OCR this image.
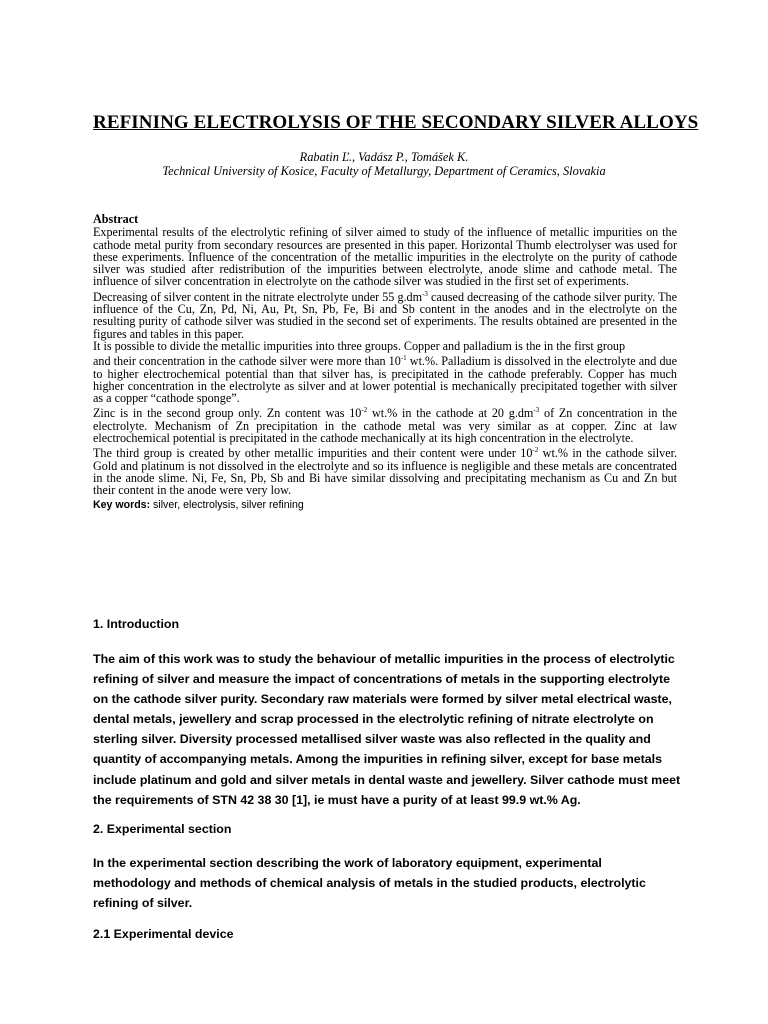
REFINING ELECTROLYSIS OF THE SECONDARY SILVER ALLOYS
Rabatin Ľ., Vadász P., Tomášek K.
Technical University of Kosice, Faculty of Metallurgy, Department of Ceramics, Slovakia
Abstract

Experimental results of the electrolytic refining of silver aimed to study of the influence of metallic impurities on the cathode metal purity from secondary resources are presented in this paper. Horizontal Thumb electrolyser was used for these experiments. Influence of the concentration of the metallic impurities in the electrolyte on the purity of cathode silver was studied after redistribution of the impurities between electrolyte, anode slime and cathode metal. The influence of silver concentration in electrolyte on the cathode silver was studied in the first set of experiments.

Decreasing of silver content in the nitrate electrolyte under 55 $g.dm^{-3}$ caused decreasing of the cathode silver purity. The influence of the Cu, Zn, Pd, Ni, Au, Pt, Sn, Pb, Fe, Bi and Sb content in the anodes and in the electrolyte on the resulting purity of cathode silver was studied in the second set of experiments. The results obtained are presented in the figures and tables in this paper.

It is possible to divide the metallic impurities into three groups. Copper and palladium is the in the first group

and their concentration in the cathode silver were more than $10^{-1}$ wt.%. Palladium is dissolved in the electrolyte and due to higher electrochemical potential than that silver has, is precipitated in the cathode preferably. Copper has much higher concentration in the electrolyte as silver and at lower potential is mechanically precipitated together with silver as a copper “cathode sponge”.

Zinc is in the second group only. Zn content was $10^{-2}$ wt.% in the cathode at 20 $g.dm^{-3}$ of Zn concentration in the electrolyte. Mechanism of Zn precipitation in the cathode metal was very similar as at copper. Zinc at law electrochemical potential is precipitated in the cathode mechanically at its high concentration in the electrolyte.

The third group is created by other metallic impurities and their content were under $10^{-2}$ wt.% in the cathode silver. Gold and platinum is not dissolved in the electrolyte and so its influence is negligible and these metals are concentrated in the anode slime. Ni, Fe, Sn, Pb, Sb and Bi have similar dissolving and precipitating mechanism as Cu and Zn but their content in the anode were very low.

Key words: silver, electrolysis, silver refining
1. Introduction

The aim of this work was to study the behaviour of metallic impurities in the process of electrolytic refining of silver and measure the impact of concentrations of metals in the supporting electrolyte on the cathode silver purity. Secondary raw materials were formed by silver metal electrical waste, dental metals, jewellery and scrap processed in the electrolytic refining of nitrate electrolyte on sterling silver. Diversity processed metallised silver waste was also reflected in the quality and quantity of accompanying metals. Among the impurities in refining silver, except for base metals include platinum and gold and silver metals in dental waste and jewellery. Silver cathode must meet the requirements of STN 42 38 30 [1], ie must have a purity of at least 99.9 wt.% Ag.

2. Experimental section

In the experimental section describing the work of laboratory equipment, experimental methodology and methods of chemical analysis of metals in the studied products, electrolytic refining of silver.

2.1 Experimental device
